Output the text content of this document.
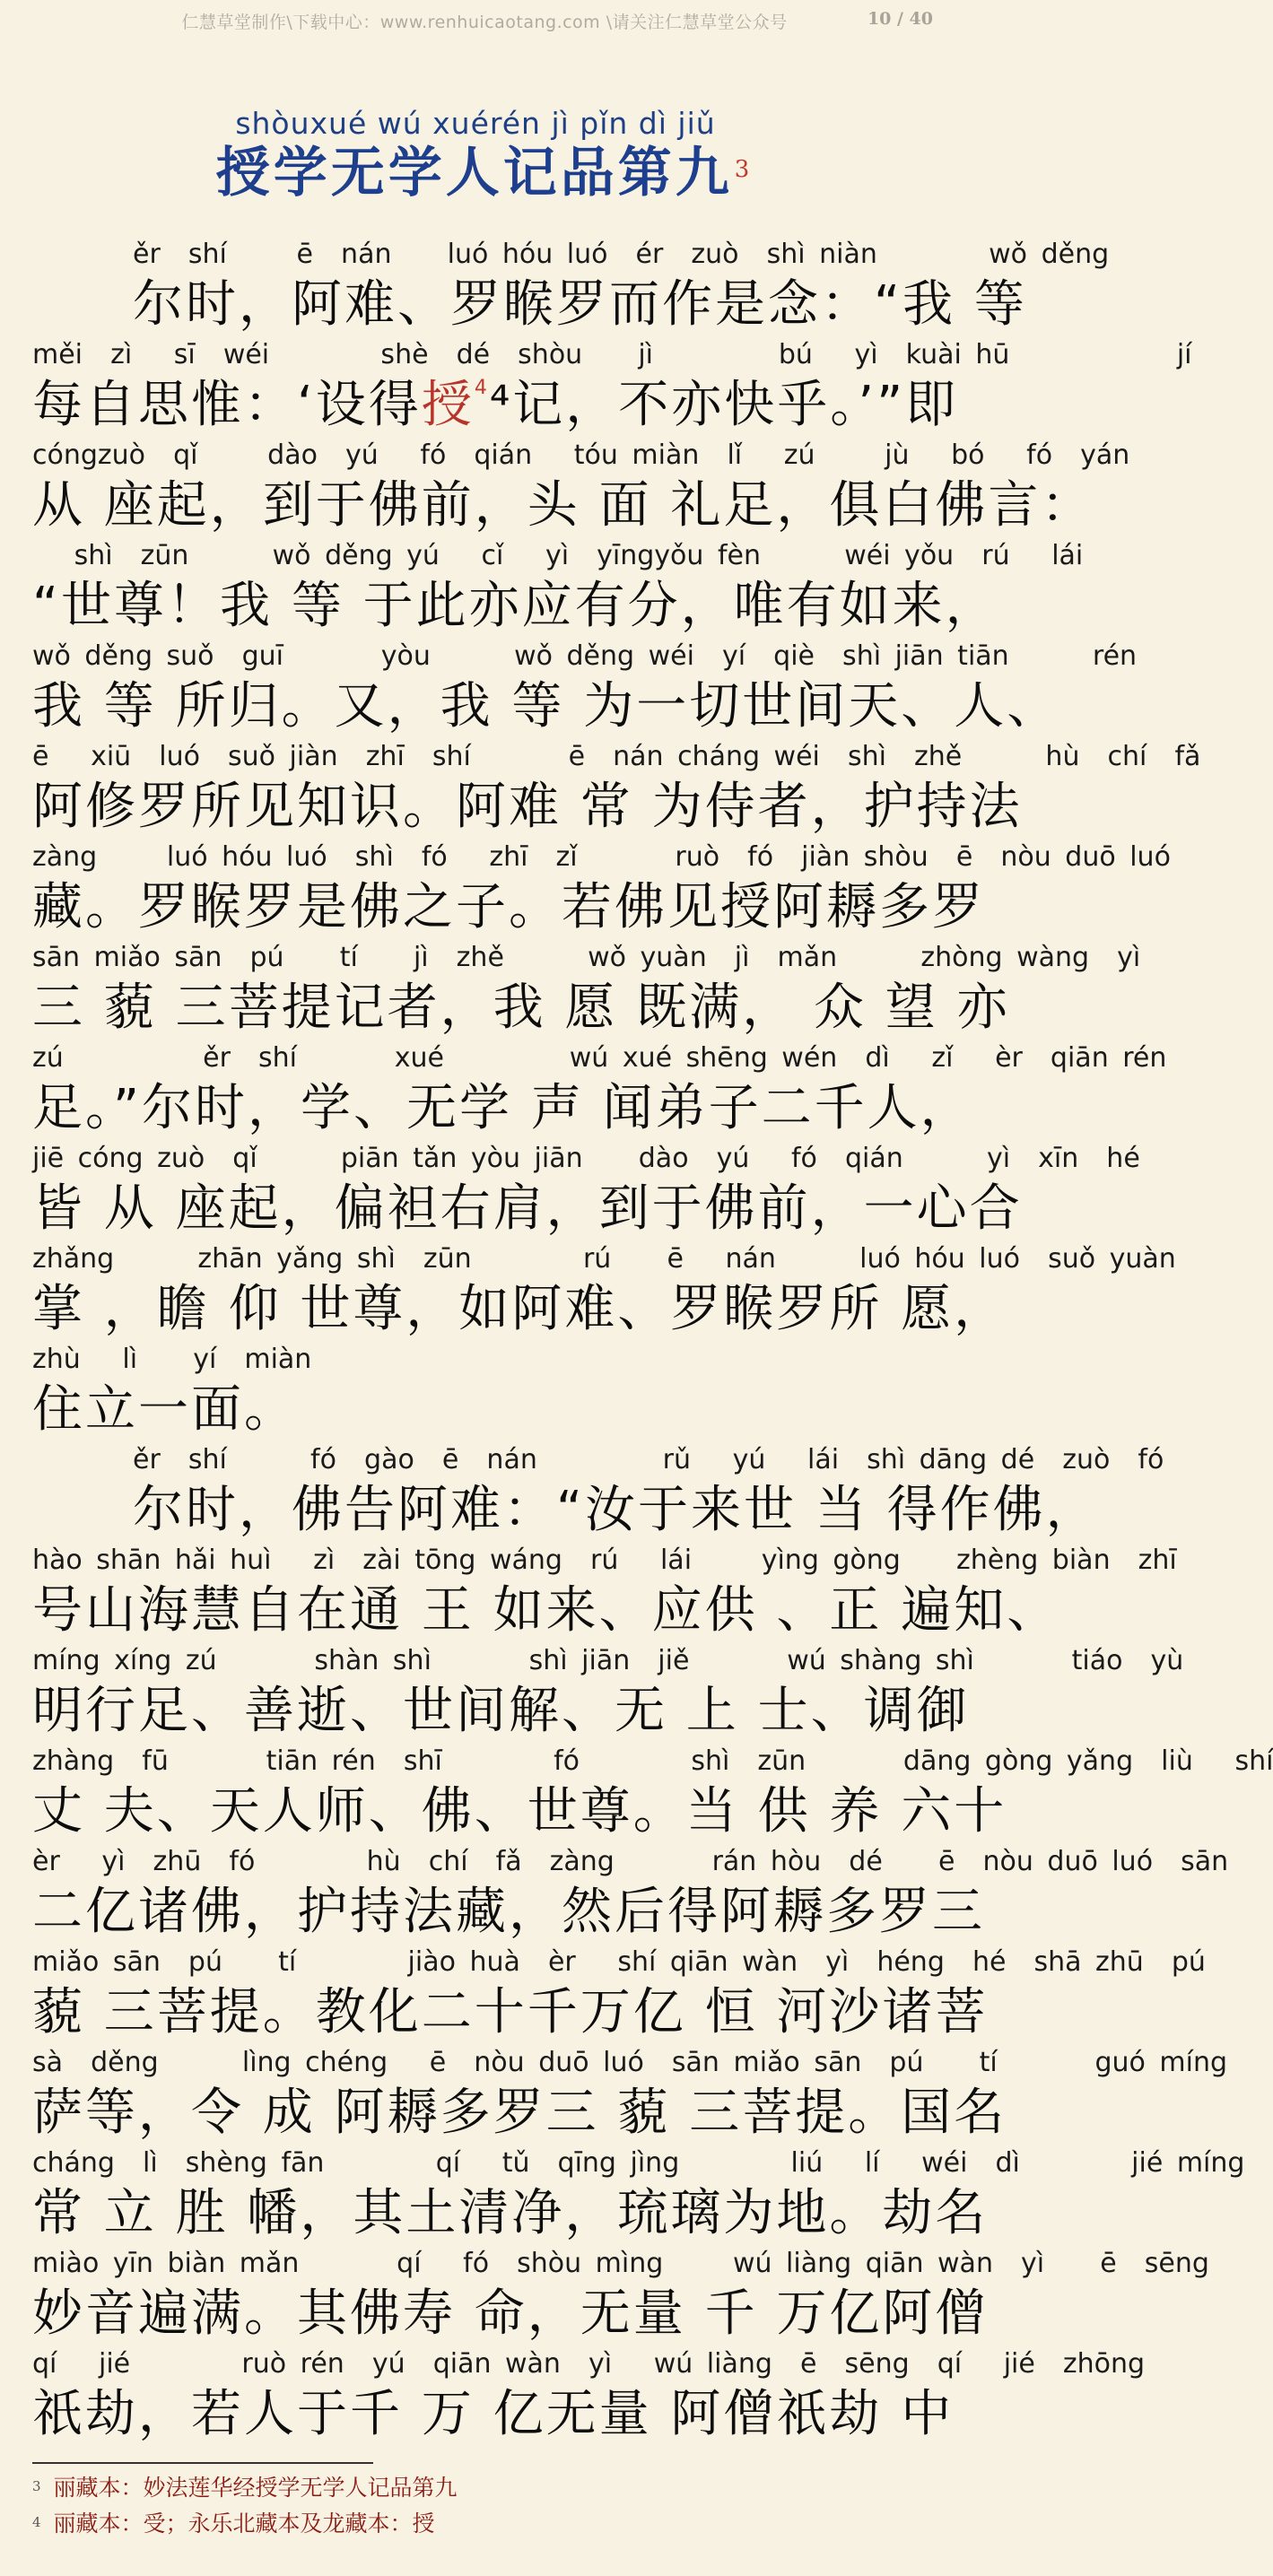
仁慧草堂制作\下载中心：www.renhuicaotang.com \请关注仁慧草堂公众号	10 / 40
shòuxué wú xuérén jì pǐn dì jiǔ
授学无学人记品第九$^3$
ěr  shí     ē  nán    luó hóu luó  ér  zuò  shì niàn        wǒ děng
尔时，阿难、罗睺罗而作是念：“我 等
měi  zì   sī  wéi        shè  dé  shòu    jì         bú   yì  kuài hū            jí
每自思惟：‘设得授$^4$⁴记，不亦快乎。’”即
cóngzuò  qǐ     dào  yú   fó  qián   tóu miàn  lǐ   zú     jù   bó   fó  yán
从 座起，到于佛前，头 面 礼足，俱白佛言：
shì  zūn      wǒ děng yú   cǐ   yì  yīngyǒu fèn      wéi yǒu  rú   lái
“世尊！我 等 于此亦应有分，唯有如来，
wǒ děng suǒ  guī       yòu      wǒ děng wéi  yí  qiè  shì jiān tiān      rén
我 等 所归。又，我 等 为一切世间天、人、
ē   xiū  luó  suǒ jiàn  zhī  shí       ē  nán cháng wéi  shì  zhě      hù  chí  fǎ
阿修罗所见知识。阿难 常 为侍者，护持法
zàng     luó hóu luó  shì  fó   zhī  zǐ       ruò  fó  jiàn shòu  ē  nòu duō luó
藏。罗睺罗是佛之子。若佛见授阿耨多罗
sān miǎo sān  pú    tí    jì  zhě      wǒ yuàn  jì  mǎn      zhòng wàng  yì
三 藐 三菩提记者，我 愿 既满， 众 望 亦
zú          ěr  shí       xué         wú xué shēng wén  dì   zǐ   èr  qiān rén
足。”尔时，学、无学 声 闻弟子二千人，
jiē cóng zuò  qǐ      piān tǎn yòu jiān    dào  yú   fó  qián      yì  xīn  hé
皆 从 座起，偏袒右肩，到于佛前，一心合
zhǎng      zhān yǎng shì  zūn        rú    ē   nán      luó hóu luó  suǒ yuàn
掌 ，瞻 仰 世尊，如阿难、罗睺罗所 愿，
zhù   lì    yí  miàn
住立一面。
ěr  shí      fó  gào  ē  nán         rǔ   yú   lái  shì dāng dé  zuò  fó
尔时，佛告阿难：“汝于来世 当 得作佛，
hào shān hǎi huì   zì  zài tōng wáng  rú   lái     yìng gòng    zhèng biàn  zhī
号山海慧自在通 王 如来、应供 、正 遍知、
míng xíng zú       shàn shì       shì jiān  jiě       wú shàng shì       tiáo  yù
明行足、善逝、世间解、无 上 士、调御
zhàng  fū       tiān rén  shī        fó        shì  zūn       dāng gòng yǎng  liù   shí
丈 夫、天人师、佛、世尊。当 供 养 六十
èr   yì  zhū  fó        hù  chí  fǎ  zàng       rán hòu  dé    ē  nòu duō luó  sān
二亿诸佛，护持法藏，然后得阿耨多罗三
miǎo sān  pú    tí        jiào huà  èr   shí qiān wàn  yì  héng  hé  shā zhū  pú
藐 三菩提。教化二十千万亿 恒 河沙诸菩
sà  děng      lìng chéng   ē  nòu duō luó  sān miǎo sān  pú    tí       guó míng
萨等，令 成 阿耨多罗三 藐 三菩提。国名
cháng  lì  shèng fān        qí   tǔ  qīng jìng        liú   lí   wéi  dì        jié míng
常 立 胜 幡，其土清净，琉璃为地。劫名
miào yīn biàn mǎn       qí   fó  shòu mìng     wú liàng qiān wàn  yì    ē  sēng
妙音遍满。其佛寿 命，无量 千 万亿阿僧
qí   jié        ruò rén  yú  qiān wàn  yì   wú liàng  ē  sēng  qí   jié  zhōng
祇劫，若人于千 万 亿无量 阿僧祇劫 中
$^3$ 丽藏本：妙法莲华经授学无学人记品第九
$^4$ 丽藏本：受；永乐北藏本及龙藏本：授
